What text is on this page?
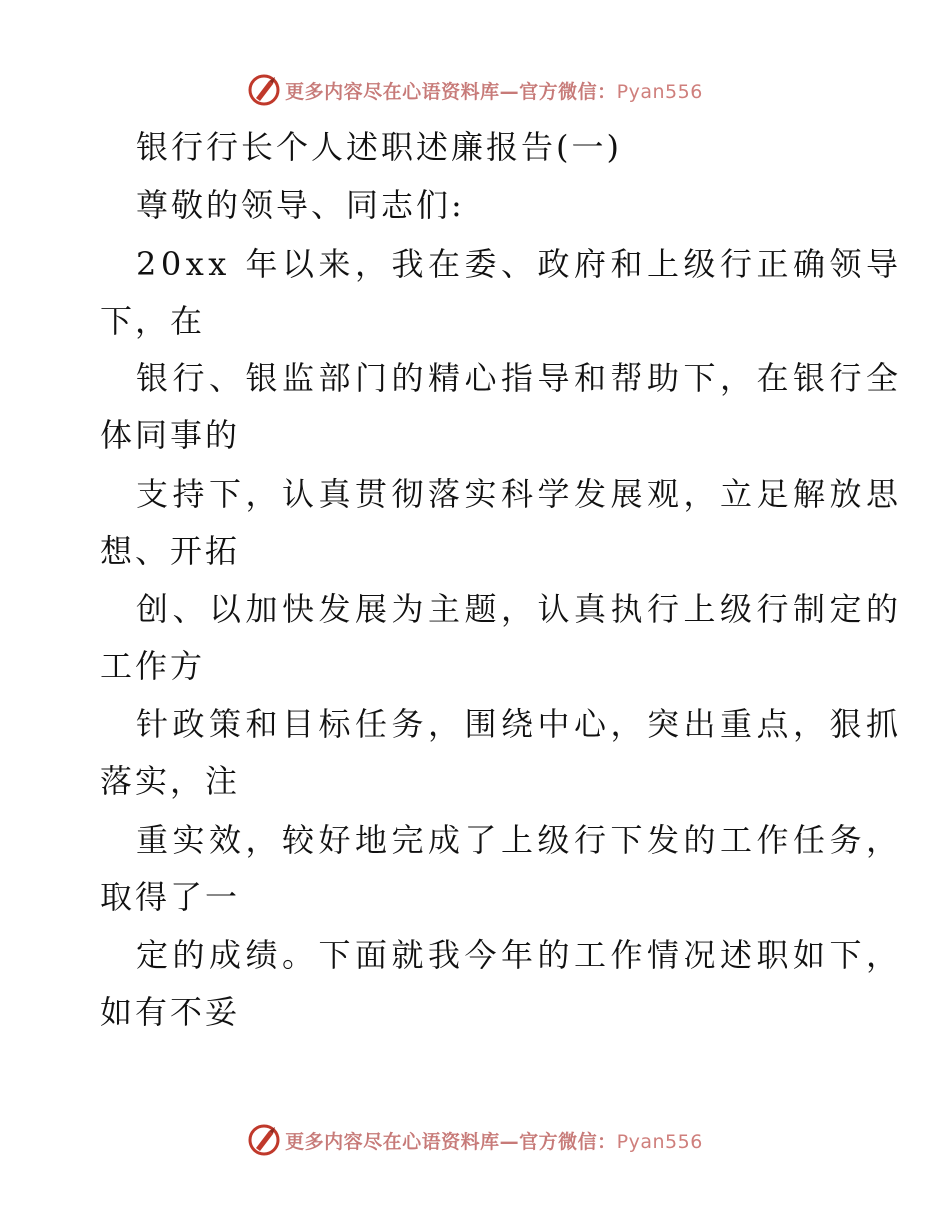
更多内容尽在心语资料库—官方微信：Pyan556
银行行长个人述职述廉报告(一)
尊敬的领导、同志们:
20xx 年以来，我在委、政府和上级行正确领导
下，在
银行、银监部门的精心指导和帮助下，在银行全
体同事的
支持下，认真贯彻落实科学发展观，立足解放思
想、开拓
创、以加快发展为主题，认真执行上级行制定的
工作方
针政策和目标任务，围绕中心，突出重点，狠抓
落实，注
重实效，较好地完成了上级行下发的工作任务，
取得了一
定的成绩。下面就我今年的工作情况述职如下，
如有不妥
更多内容尽在心语资料库—官方微信：Pyan556
